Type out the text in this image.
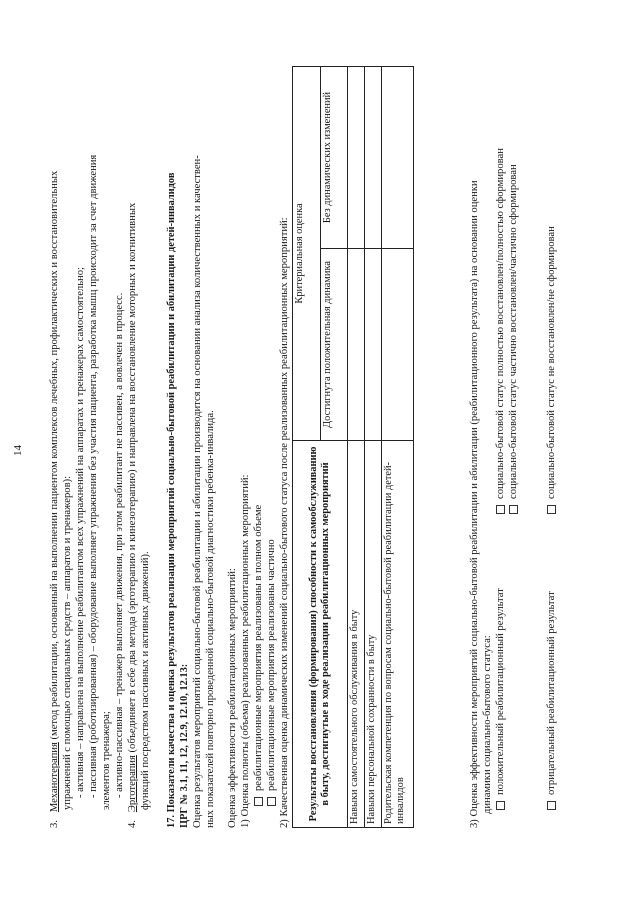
14
3.   Механотерапия (метод реабилитации, основанный на выполнении пациентом комплексов лечебных, профилактических и восстановительных упражнений с помощью специальных средств – аппаратов и тренажеров): - активная – направлена на выполнение реабилитантом всех упражнений на аппаратах и тренажерах самостоятельно; - пассивная (роботизированная) – оборудование выполняет упражнения без участия пациента, разработка мышц происходит за счет движения элементов тренажера; - активно-пассивная – тренажер выполняет движения, при этом реабилитант не пассивен, а вовлечен в процесс.
4.   Эрготерапия (объединяет в себе два метода (эрготерапию и кинезотерапию) и направлена на восстановление моторных и когнитивных функций посредством пассивных и активных движений). 17. Показатели качества и оценка результатов реализации мероприятий социально-бытовой реабилитации и абилитации детей-инвалидов ЦРГ № 3.1, 11, 12, 12.9, 12.10, 12.13: Оценка результатов мероприятий социально-бытовой реабилитации и абилитации производится на основании анализа количественных и качествен- ных показателей повторно проведенной социально-бытовой диагностики ребенка-инвалида. Оценка эффективности реабилитационных мероприятий: 1) Оценка полноты (объема) реализованных реабилитационных мероприятий: реабилитационные мероприятия реализованы в полном объеме реабилитационные мероприятия реализованы частично 2) Качественная оценка динамических изменений социально-бытового статуса после реализованных реабилитационных мероприятий: Результаты восстановления (формирования) способности к самообслуживанию в быту, достигнутые в ходе реализации реабилитационных мероприятий	Критериальная оценка	
	Достигнута положительная динамика	Без динамических изменений
Навыки самостоятельного обслуживания в быту		
Навыки персональной сохранности в быту		
Родительская компетенция по вопросам социально-бытовой реабилитации детей-инвалидов			3) Оценка эффективности мероприятий социально-бытовой реабилитации и абилитации (реабилитационного результата) на основании оценки динамики социально-бытового статуса: положительный реабилитационный результат
социально-бытовой статус полностью восстановлен/полностью сформирован социально-бытовой статус частично восстановлен/частично сформирован
отрицательный реабилитационный результат
социально-бытовой статус не восстановлен/не сформирован
